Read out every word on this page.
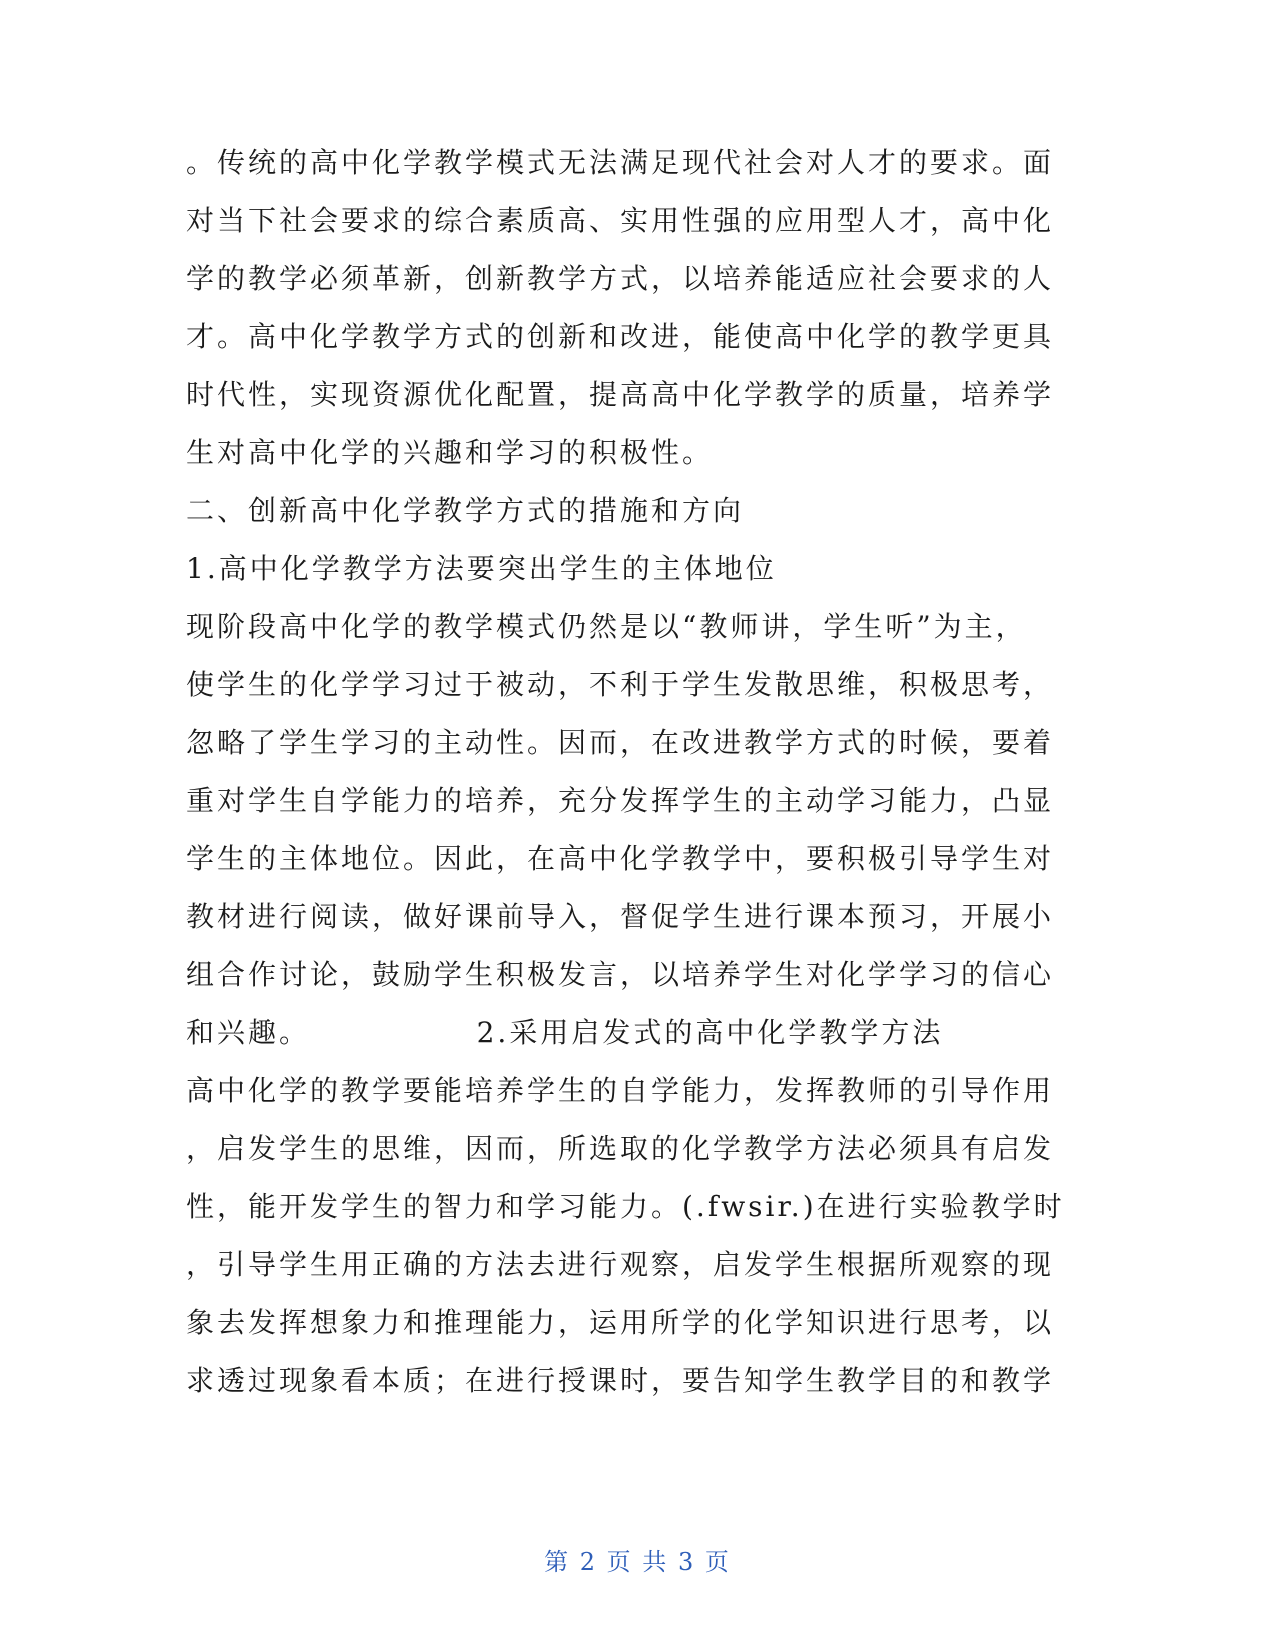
。传统的高中化学教学模式无法满足现代社会对人才的要求。面
对当下社会要求的综合素质高、实用性强的应用型人才，高中化
学的教学必须革新，创新教学方式，以培养能适应社会要求的人
才。高中化学教学方式的创新和改进，能使高中化学的教学更具
时代性，实现资源优化配置，提高高中化学教学的质量，培养学
生对高中化学的兴趣和学习的积极性。
二、创新高中化学教学方式的措施和方向
1.高中化学教学方法要突出学生的主体地位
现阶段高中化学的教学模式仍然是以“教师讲，学生听”为主，
使学生的化学学习过于被动，不利于学生发散思维，积极思考，
忽略了学生学习的主动性。因而，在改进教学方式的时候，要着
重对学生自学能力的培养，充分发挥学生的主动学习能力，凸显
学生的主体地位。因此，在高中化学教学中，要积极引导学生对
教材进行阅读，做好课前导入，督促学生进行课本预习，开展小
组合作讨论，鼓励学生积极发言，以培养学生对化学学习的信心
和兴趣。              2.采用启发式的高中化学教学方法
高中化学的教学要能培养学生的自学能力，发挥教师的引导作用
，启发学生的思维，因而，所选取的化学教学方法必须具有启发
性，能开发学生的智力和学习能力。(.fwsir.)在进行实验教学时
，引导学生用正确的方法去进行观察，启发学生根据所观察的现
象去发挥想象力和推理能力，运用所学的化学知识进行思考，以
求透过现象看本质；在进行授课时，要告知学生教学目的和教学
第 2 页 共 3 页
